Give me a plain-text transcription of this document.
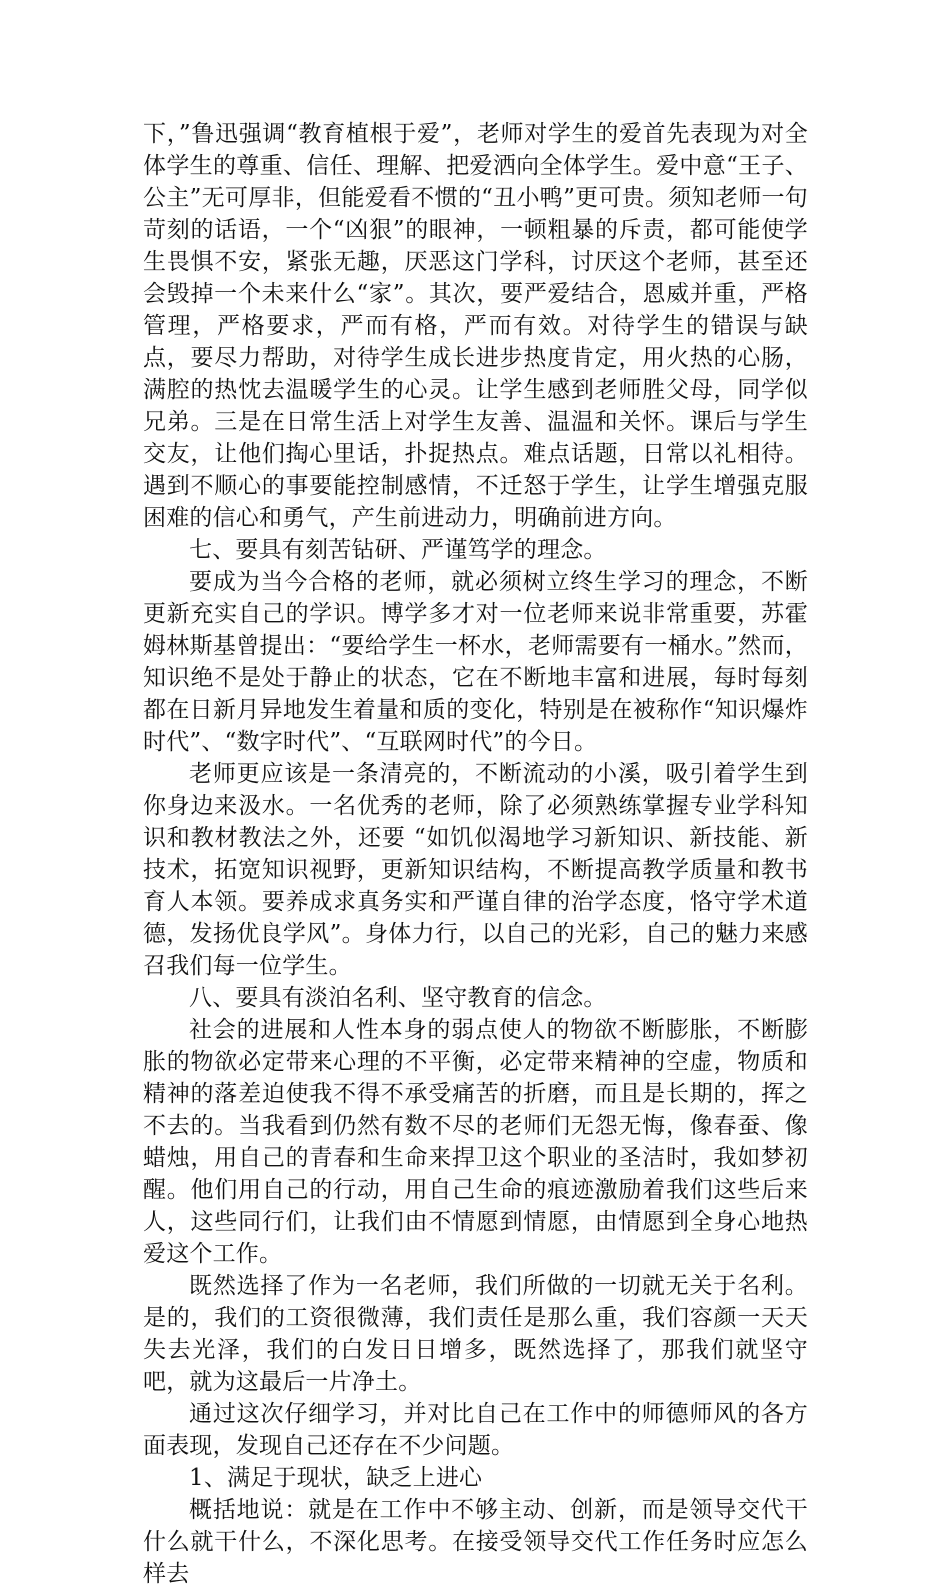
下，”鲁迅强调“教育植根于爱”，老师对学生的爱首先表现为对全体学生的尊重、信任、理解、把爱洒向全体学生。爱中意“王子、公主”无可厚非，但能爱看不惯的“丑小鸭”更可贵。须知老师一句苛刻的话语，一个“凶狠”的眼神，一顿粗暴的斥责，都可能使学生畏惧不安，紧张无趣，厌恶这门学科，讨厌这个老师，甚至还会毁掉一个未来什么“家”。其次，要严爱结合，恩威并重，严格管理，严格要求，严而有格，严而有效。对待学生的错误与缺点，要尽力帮助，对待学生成长进步热度肯定，用火热的心肠，满腔的热忱去温暖学生的心灵。让学生感到老师胜父母，同学似兄弟。三是在日常生活上对学生友善、温温和关怀。课后与学生交友，让他们掏心里话，扑捉热点。难点话题，日常以礼相待。遇到不顺心的事要能控制感情，不迁怒于学生，让学生增强克服困难的信心和勇气，产生前进动力，明确前进方向。

七、要具有刻苦钻研、严谨笃学的理念。

要成为当今合格的老师，就必须树立终生学习的理念，不断更新充实自己的学识。博学多才对一位老师来说非常重要，苏霍姆林斯基曾提出：“要给学生一杯水，老师需要有一桶水。”然而，知识绝不是处于静止的状态，它在不断地丰富和进展，每时每刻都在日新月异地发生着量和质的变化，特别是在被称作“知识爆炸时代”、“数字时代”、“互联网时代”的今日。

老师更应该是一条清亮的，不断流动的小溪，吸引着学生到你身边来汲水。一名优秀的老师，除了必须熟练掌握专业学科知识和教材教法之外，还要 “如饥似渴地学习新知识、新技能、新技术，拓宽知识视野，更新知识结构，不断提高教学质量和教书育人本领。要养成求真务实和严谨自律的治学态度，恪守学术道德，发扬优良学风”。身体力行，以自己的光彩，自己的魅力来感召我们每一位学生。

八、要具有淡泊名利、坚守教育的信念。

社会的进展和人性本身的弱点使人的物欲不断膨胀，不断膨胀的物欲必定带来心理的不平衡，必定带来精神的空虚，物质和精神的落差迫使我不得不承受痛苦的折磨，而且是长期的，挥之不去的。当我看到仍然有数不尽的老师们无怨无悔，像春蚕、像蜡烛，用自己的青春和生命来捍卫这个职业的圣洁时，我如梦初醒。他们用自己的行动，用自己生命的痕迹激励着我们这些后来人，这些同行们，让我们由不情愿到情愿，由情愿到全身心地热爱这个工作。

既然选择了作为一名老师，我们所做的一切就无关于名利。是的，我们的工资很微薄，我们责任是那么重，我们容颜一天天失去光泽，我们的白发日日增多，既然选择了，那我们就坚守吧，就为这最后一片净土。

通过这次仔细学习，并对比自己在工作中的师德师风的各方面表现，发现自己还存在不少问题。

1、满足于现状，缺乏上进心

概括地说：就是在工作中不够主动、创新，而是领导交代干什么就干什么，不深化思考。在接受领导交代工作任务时应怎么样去
